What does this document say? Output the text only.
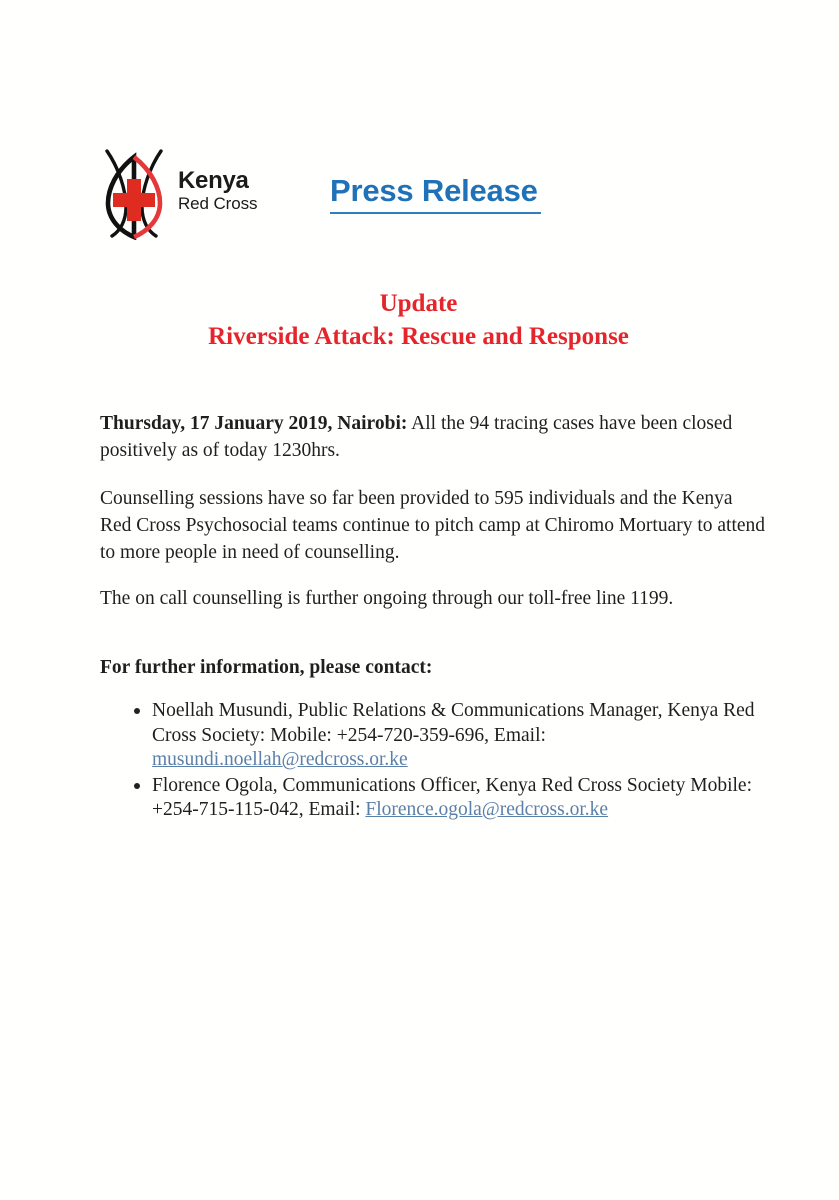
Kenya
Red Cross Press Release
Update
Riverside Attack: Rescue and Response

Thursday, 17 January 2019, Nairobi: All the 94 tracing cases have been closed positively as of today 1230hrs.

Counselling sessions have so far been provided to 595 individuals and the Kenya Red Cross Psychosocial teams continue to pitch camp at Chiromo Mortuary to attend to more people in need of counselling.

The on call counselling is further ongoing through our toll-free line 1199.

For further information, please contact:
Noellah Musundi, Public Relations & Communications Manager, Kenya Red Cross Society: Mobile: +254-720-359-696, Email: musundi.noellah@redcross.or.ke
Florence Ogola, Communications Officer, Kenya Red Cross Society Mobile: +254-715-115-042, Email: Florence.ogola@redcross.or.ke
